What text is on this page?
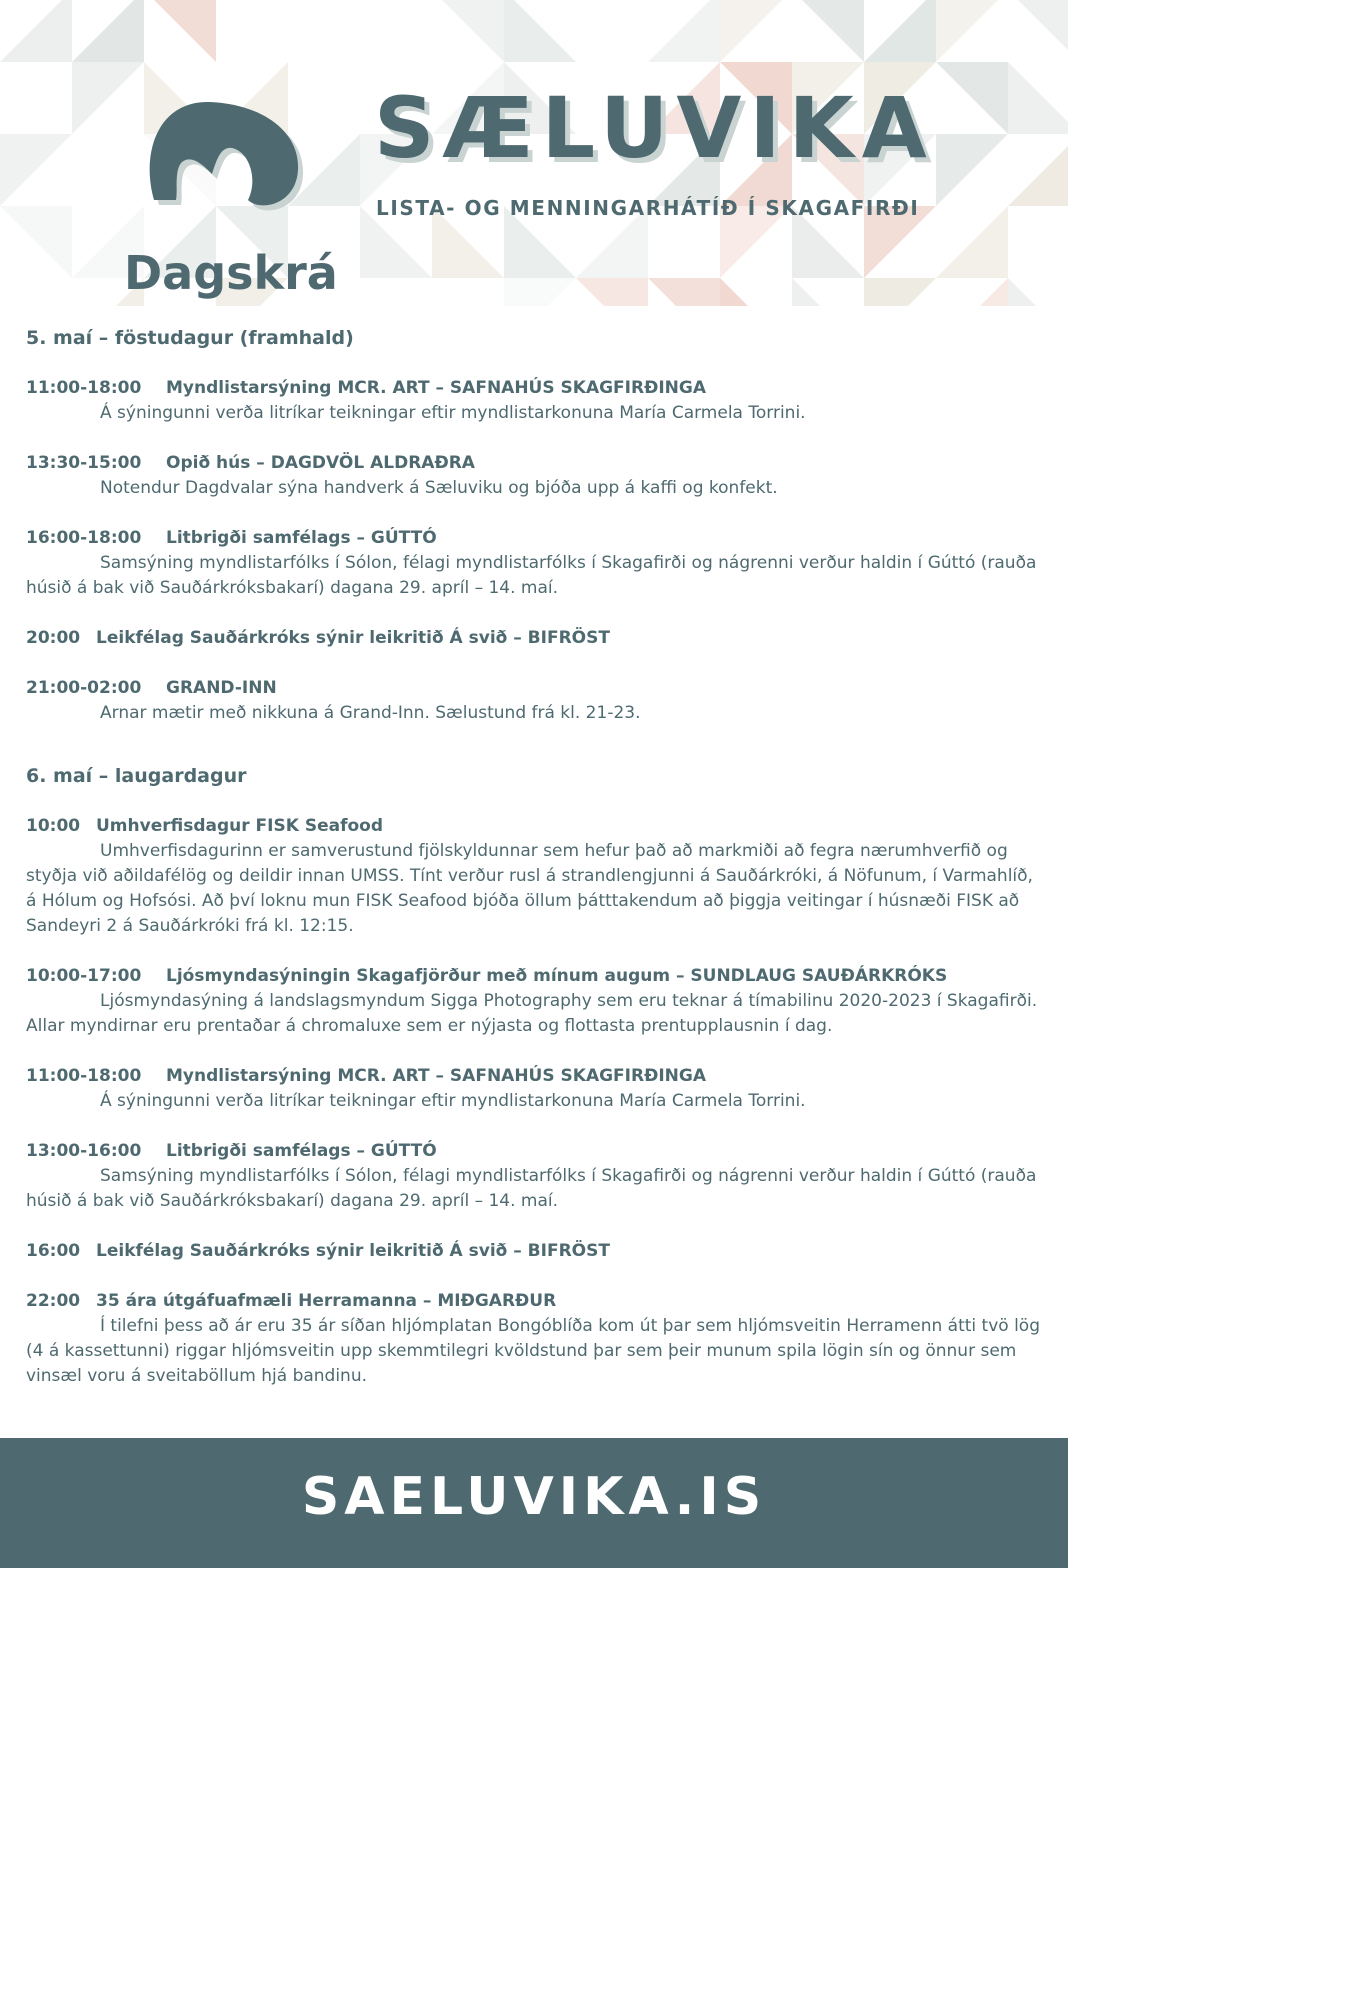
SÆLUVIKA
LISTA- OG MENNINGARHÁTÍÐ Í SKAGAFIRÐI
Dagskrá
5. maí – föstudagur (framhald)
11:00-18:00 Myndlistarsýning MCR. ART – SAFNAHÚS SKAGFIRÐINGA

Á sýningunni verða litríkar teikningar eftir myndlistarkonuna María Carmela Torrini.

13:30-15:00 Opið hús – DAGDVÖL ALDRAÐRA

Notendur Dagdvalar sýna handverk á Sæluviku og bjóða upp á kaffi og konfekt.

16:00-18:00 Litbrigði samfélags – GÚTTÓ

Samsýning myndlistarfólks í Sólon, félagi myndlistarfólks í Skagafirði og nágrenni verður haldin í Gúttó (rauða húsið á bak við Sauðárkróksbakarí) dagana 29. apríl – 14. maí.

20:00 Leikfélag Sauðárkróks sýnir leikritið Á svið – BIFRÖST
21:00-02:00 GRAND-INN

Arnar mætir með nikkuna á Grand-Inn. Sælustund frá kl. 21-23.

6. maí – laugardagur
10:00 Umhverfisdagur FISK Seafood

Umhverfisdagurinn er samverustund fjölskyldunnar sem hefur það að markmiði að fegra nærumhverfið og styðja við aðildafélög og deildir innan UMSS. Tínt verður rusl á strandlengjunni á Sauðárkróki, á Nöfunum, í Varmahlíð, á Hólum og Hofsósi. Að því loknu mun FISK Seafood bjóða öllum þátttakendum að þiggja veitingar í húsnæði FISK að Sandeyri 2 á Sauðárkróki frá kl. 12:15.

10:00-17:00 Ljósmyndasýningin Skagafjörður með mínum augum – SUNDLAUG SAUÐÁRKRÓKS

Ljósmyndasýning á landslagsmyndum Sigga Photography sem eru teknar á tímabilinu 2020-2023 í Skagafirði. Allar myndirnar eru prentaðar á chromaluxe sem er nýjasta og flottasta prentupplausnin í dag.

11:00-18:00 Myndlistarsýning MCR. ART – SAFNAHÚS SKAGFIRÐINGA

Á sýningunni verða litríkar teikningar eftir myndlistarkonuna María Carmela Torrini.

13:00-16:00 Litbrigði samfélags – GÚTTÓ

Samsýning myndlistarfólks í Sólon, félagi myndlistarfólks í Skagafirði og nágrenni verður haldin í Gúttó (rauða húsið á bak við Sauðárkróksbakarí) dagana 29. apríl – 14. maí.

16:00 Leikfélag Sauðárkróks sýnir leikritið Á svið – BIFRÖST
22:00 35 ára útgáfuafmæli Herramanna – MIÐGARÐUR

Í tilefni þess að ár eru 35 ár síðan hljómplatan Bongóblíða kom út þar sem hljómsveitin Herramenn átti tvö lög (4 á kassettunni) riggar hljómsveitin upp skemmtilegri kvöldstund þar sem þeir munum spila lögin sín og önnur sem vinsæl voru á sveitaböllum hjá bandinu.

SAELUVIKA.IS
